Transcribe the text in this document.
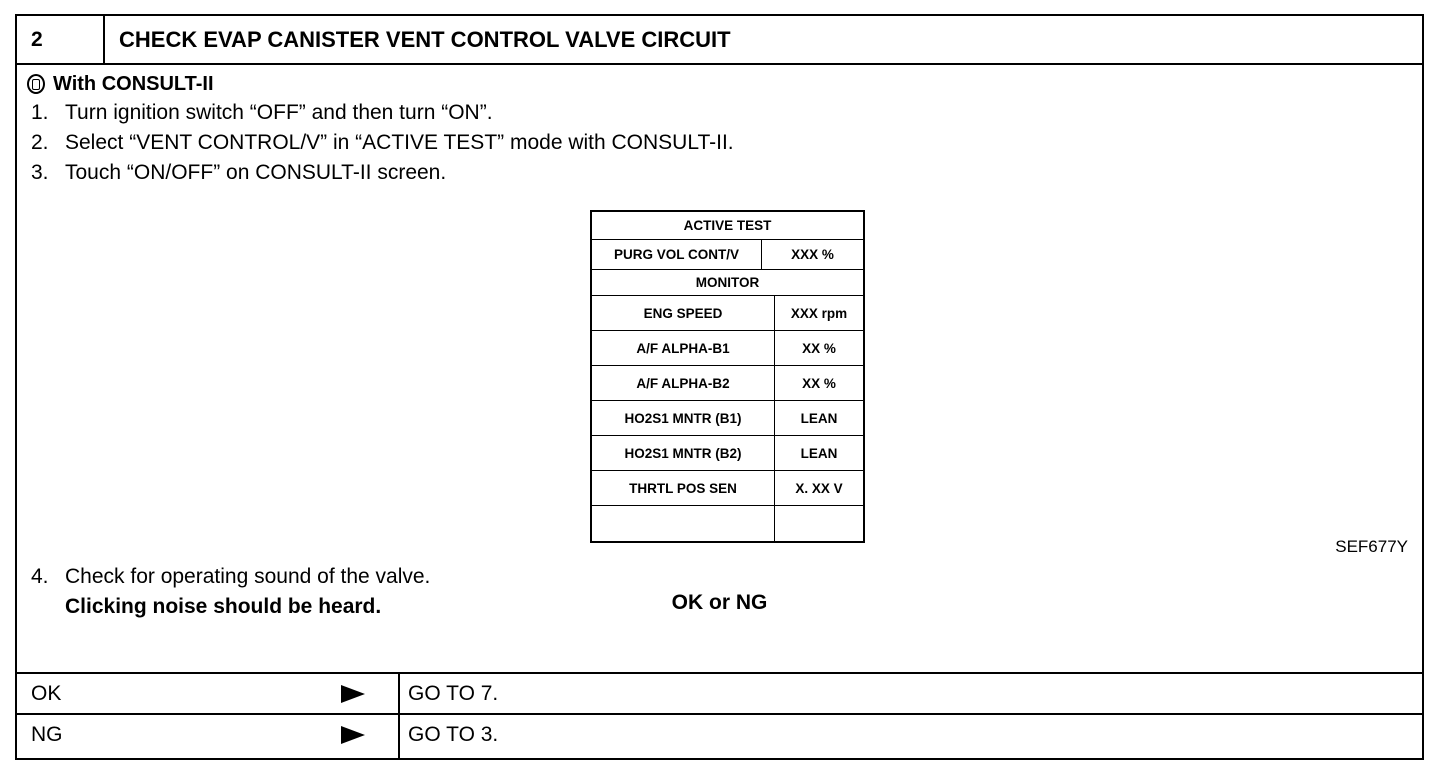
2	CHECK EVAP CANISTER VENT CONTROL VALVE CIRCUIT
With CONSULT-II
1. Turn ignition switch “OFF” and then turn “ON”.
2. Select “VENT CONTROL/V” in “ACTIVE TEST” mode with CONSULT-II.
3. Touch “ON/OFF” on CONSULT-II screen.
ACTIVE TEST
PURG VOL CONT/V	XXX %
MONITOR
ENG SPEED	XXX rpm
A/F ALPHA-B1	XX %
A/F ALPHA-B2	XX %
HO2S1 MNTR (B1)	LEAN
HO2S1 MNTR (B2)	LEAN
THRTL POS SEN	X. XX V
SEF677Y
4. Check for operating sound of the valve.
Clicking noise should be heard.	OK or NG
OK	GO TO 7.
NG	GO TO 3.
